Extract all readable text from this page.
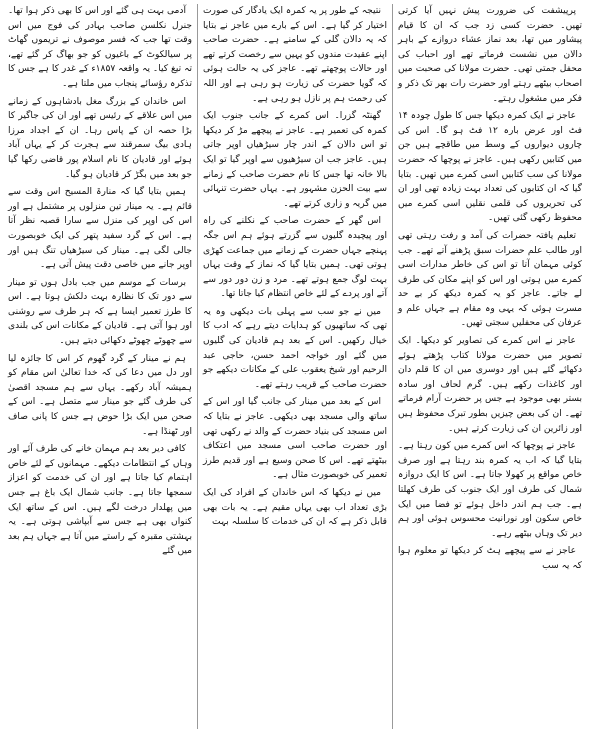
پرپیشفت کی ضرورت پیش نہیں آیا کرتی تھیں۔ حضرت کسی زد جب کہ ان کا قیام پیشاور میں تھا، بعد نماز عشاء دروازے کے باہر دالان میں نشست فرماتے تھے اور احباب کی محفل جمتی تھی۔ حضرت مولانا کی صحبت میں اصحاب بیٹھے رہتے اور حضرت رات بھر تک ذکر و فکر میں مشغول رہتے۔

عاجز نے ایک کمرہ دیکھا جس کا طول چودہ ۱۴ فٹ اور عرض بارہ ۱۲ فٹ ہو گا۔ اس کی چاروں دیواروں کے وسط میں طاقچے ہیں جن میں کتابیں رکھی ہیں۔ عاجز نے پوچھا کہ حضرت مولانا کی سب کتابیں اسی کمرے میں تھیں۔ بتایا گیا کہ ان کتابوں کی تعداد بہت زیادہ تھی اور ان کی تحریروں کی قلمی نقلیں اسی کمرے میں محفوظ رکھی گئی تھیں۔

تعلیم یافتہ حضرات کی آمد و رفت رہتی تھی اور طالب علم حضرات سبق پڑھنے آتے تھے۔ جب کوئی مہمان آتا تو اس کی خاطر مدارات اسی کمرے میں ہوتی اور اس کو اپنے مکان کی طرف لے جاتے۔ عاجز کو یہ کمرہ دیکھ کر بے حد مسرت ہوئی کہ یہی وہ مقام ہے جہاں علم و عرفان کی محفلیں سجتی تھیں۔

عاجز نے اس کمرے کی تصاویر کو دیکھا۔ ایک تصویر میں حضرت مولانا کتاب پڑھتے ہوئے دکھائے گئے ہیں اور دوسری میں ان کا قلم دان اور کاغذات رکھے ہیں۔ گرم لحاف اور سادہ بستر بھی موجود ہے جس پر حضرت آرام فرماتے تھے۔ ان کی بعض چیزیں بطور تبرک محفوظ ہیں اور زائرین ان کی زیارت کرتے ہیں۔

عاجز نے پوچھا کہ اس کمرے میں کون رہتا ہے۔ بتایا گیا کہ اب یہ کمرہ بند رہتا ہے اور صرف خاص مواقع پر کھولا جاتا ہے۔ اس کا ایک دروازہ شمال کی طرف اور ایک جنوب کی طرف کھلتا ہے۔ جب ہم اندر داخل ہوئے تو فضا میں ایک خاص سکون اور نورانیت محسوس ہوئی اور ہم دیر تک وہاں بیٹھے رہے۔

عاجز نے سے پیچھے ہٹ کر دیکھا تو معلوم ہوا کہ یہ سب

نتیجہ کے طور پر یہ کمرہ ایک یادگار کی صورت اختیار کر گیا ہے۔ اس کے بارے میں عاجز نے بتایا کہ یہ دالان گلی کے سامنے ہے۔ حضرت صاحب اپنے عقیدت مندوں کو یہیں سے رخصت کرتے تھے اور حالات پوچھتے تھے۔ عاجز کی یہ حالت ہوئی کہ گویا حضرت کی زیارت ہو رہی ہے اور اللہ کی رحمت ہم پر نازل ہو رہی ہے۔

گھنٹہ گزرا۔ اس کمرے کے جانب جنوب ایک کمرہ کی تعمیر ہے۔ عاجز نے پیچھے مڑ کر دیکھا تو اس دالان کے اندر چار سیڑھیاں اوپر جاتی ہیں۔ عاجز جب ان سیڑھیوں سے اوپر گیا تو ایک بالا خانہ تھا جس کا نام حضرت صاحب کے زمانے سے بیت الحزن مشہور ہے۔ یہاں حضرت تنہائی میں گریہ و زاری کرتے تھے۔

اس گھر کے حضرت صاحب کے نکلنے کی راہ اور پیچیدہ گلیوں سے گزرتے ہوئے ہم اس جگہ پہنچے جہاں حضرت کے زمانے میں جماعت کھڑی ہوتی تھی۔ ہمیں بتایا گیا کہ نماز کے وقت یہاں بہت لوگ جمع ہوتے تھے۔ مرد و زن دور دور سے آتے اور پردے کے لئے خاص انتظام کیا جاتا تھا۔

میں نے جو سب سے پہلی بات دیکھی وہ یہ تھی کہ ساتھیوں کو ہدایات دیتے رہے کہ ادب کا خیال رکھیں۔ اس کے بعد ہم قادیان کی گلیوں میں گئے اور خواجہ احمد حسن، حاجی عبد الرحیم اور شیخ یعقوب علی کے مکانات دیکھے جو حضرت صاحب کے قریب رہتے تھے۔

اس کے بعد میں مینار کی جانب گیا اور اس کے ساتھ والی مسجد بھی دیکھی۔ عاجز نے بتایا کہ اس مسجد کی بنیاد حضرت کے والد نے رکھی تھی اور حضرت صاحب اسی مسجد میں اعتکاف بیٹھتے تھے۔ اس کا صحن وسیع ہے اور قدیم طرز تعمیر کی خوبصورت مثال ہے۔

میں نے دیکھا کہ اس خاندان کے افراد کی ایک بڑی تعداد اب بھی یہاں مقیم ہے۔ یہ بات بھی قابل ذکر ہے کہ ان کی خدمات کا سلسلہ بہت

آدمی بہت ہی گئے اور اس کا بھی ذکر ہوا تھا۔ جنرل نکلسن صاحب بہادر کی فوج میں اس وقت تھا جب کہ فسر موصوف نے تریموں گھاٹ پر سیالکوٹ کے باغیوں کو جو بھاگ کر گئے تھے، تہ تیغ کیا۔ یہ واقعہ ۱۸۵۷ء کے غدر کا ہے جس کا تذکرہ رؤسائے پنجاب میں ملتا ہے۔

اس خاندان کے بزرگ مغل بادشاہوں کے زمانے میں اس علاقے کے رئیس تھے اور ان کی جاگیر کا بڑا حصہ ان کے پاس رہا۔ ان کے اجداد مرزا ہادی بیگ سمرقند سے ہجرت کر کے یہاں آباد ہوئے اور قادیان کا نام اسلام پور قاضی رکھا گیا جو بعد میں بگڑ کر قادیان ہو گیا۔

ہمیں بتایا گیا کہ منارۃ المسیح اس وقت سے قائم ہے۔ یہ مینار تین منزلوں پر مشتمل ہے اور اس کی اوپر کی منزل سے سارا قصبہ نظر آتا ہے۔ اس کے گرد سفید پتھر کی ایک خوبصورت جالی لگی ہے۔ مینار کی سیڑھیاں تنگ ہیں اور اوپر جانے میں خاصی دقت پیش آتی ہے۔

برسات کے موسم میں جب بادل ہوں تو مینار سے دور تک کا نظارہ بہت دلکش ہوتا ہے۔ اس کا طرز تعمیر ایسا ہے کہ ہر طرف سے روشنی اور ہوا آتی ہے۔ قادیان کے مکانات اس کی بلندی سے چھوٹے چھوٹے دکھائی دیتے ہیں۔

ہم نے مینار کے گرد گھوم کر اس کا جائزہ لیا اور دل میں دعا کی کہ خدا تعالیٰ اس مقام کو ہمیشہ آباد رکھے۔ یہاں سے ہم مسجد اقصیٰ کی طرف گئے جو مینار سے متصل ہے۔ اس کے صحن میں ایک بڑا حوض ہے جس کا پانی صاف اور ٹھنڈا ہے۔

کافی دیر بعد ہم مہمان خانے کی طرف آئے اور وہاں کے انتظامات دیکھے۔ مہمانوں کے لئے خاص اہتمام کیا جاتا ہے اور ان کی خدمت کو اعزاز سمجھا جاتا ہے۔ جانب شمال ایک باغ ہے جس میں پھلدار درخت لگے ہیں۔ اس کے ساتھ ایک کنواں بھی ہے جس سے آبپاشی ہوتی ہے۔ یہ بہشتی مقبرہ کے راستے میں آتا ہے جہاں ہم بعد میں گئے
